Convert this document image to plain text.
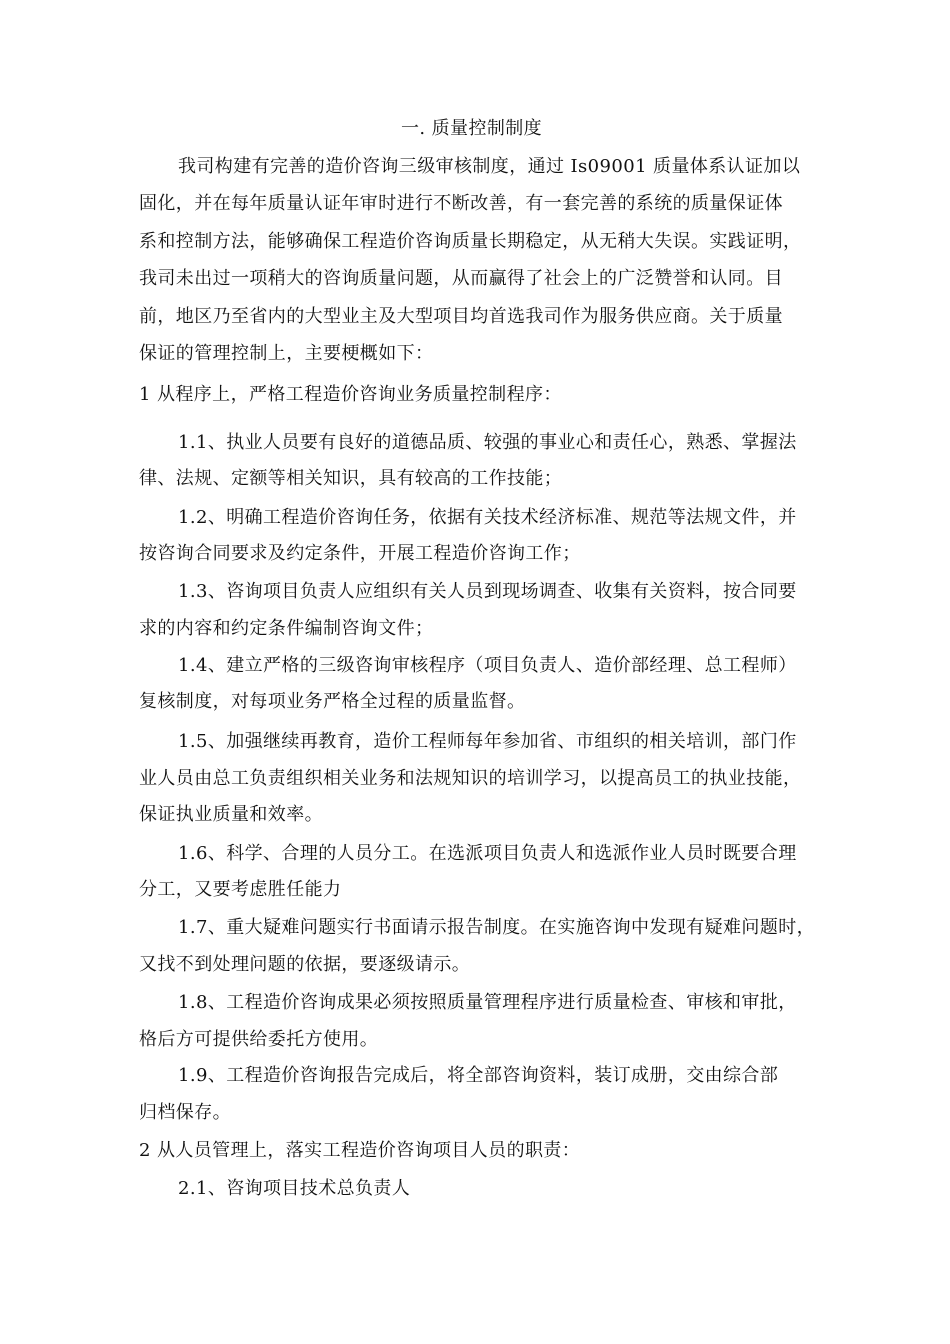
一. 质量控制制度
我司构建有完善的造价咨询三级审核制度，通过 Is09001 质量体系认证加以
固化，并在每年质量认证年审时进行不断改善，有一套完善的系统的质量保证体
系和控制方法，能够确保工程造价咨询质量长期稳定，从无稍大失误。实践证明，
我司未出过一项稍大的咨询质量问题，从而赢得了社会上的广泛赞誉和认同。目
前，地区乃至省内的大型业主及大型项目均首选我司作为服务供应商。关于质量
保证的管理控制上，主要梗概如下：
1 从程序上，严格工程造价咨询业务质量控制程序：
1.1、执业人员要有良好的道德品质、较强的事业心和责任心，熟悉、掌握法
律、法规、定额等相关知识，具有较高的工作技能；
1.2、明确工程造价咨询任务，依据有关技术经济标准、规范等法规文件，并
按咨询合同要求及约定条件，开展工程造价咨询工作；
1.3、咨询项目负责人应组织有关人员到现场调查、收集有关资料，按合同要
求的内容和约定条件编制咨询文件；
1.4、建立严格的三级咨询审核程序（项目负责人、造价部经理、总工程师）
复核制度，对每项业务严格全过程的质量监督。
1.5、加强继续再教育，造价工程师每年参加省、市组织的相关培训，部门作
业人员由总工负责组织相关业务和法规知识的培训学习，以提高员工的执业技能，
保证执业质量和效率。
1.6、科学、合理的人员分工。在选派项目负责人和选派作业人员时既要合理
分工，又要考虑胜任能力
1.7、重大疑难问题实行书面请示报告制度。在实施咨询中发现有疑难问题时，
又找不到处理问题的依据，要逐级请示。
1.8、工程造价咨询成果必须按照质量管理程序进行质量检查、审核和审批，
格后方可提供给委托方使用。
1.9、工程造价咨询报告完成后，将全部咨询资料，装订成册，交由综合部
归档保存。
2 从人员管理上，落实工程造价咨询项目人员的职责：
2.1、咨询项目技术总负责人
